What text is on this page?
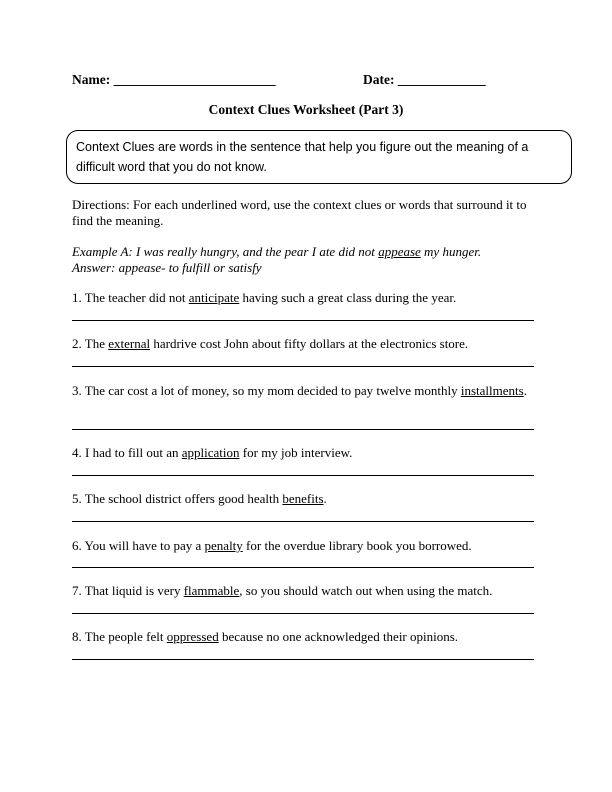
Name: ________________________	Date: _____________
Context Clues Worksheet (Part 3)
Context Clues are words in the sentence that help you figure out the meaning of a difficult word that you do not know.
Directions: For each underlined word, use the context clues or words that surround it to find the meaning.
Example A: I was really hungry, and the pear I ate did not appease my hunger.
Answer: appease- to fulfill or satisfy
1. The teacher did not anticipate having such a great class during the year.
2. The external hardrive cost John about fifty dollars at the electronics store.
3. The car cost a lot of money, so my mom decided to pay twelve monthly installments.
4. I had to fill out an application for my job interview.
5. The school district offers good health benefits.
6. You will have to pay a penalty for the overdue library book you borrowed.
7. That liquid is very flammable, so you should watch out when using the match.
8. The people felt oppressed because no one acknowledged their opinions.
